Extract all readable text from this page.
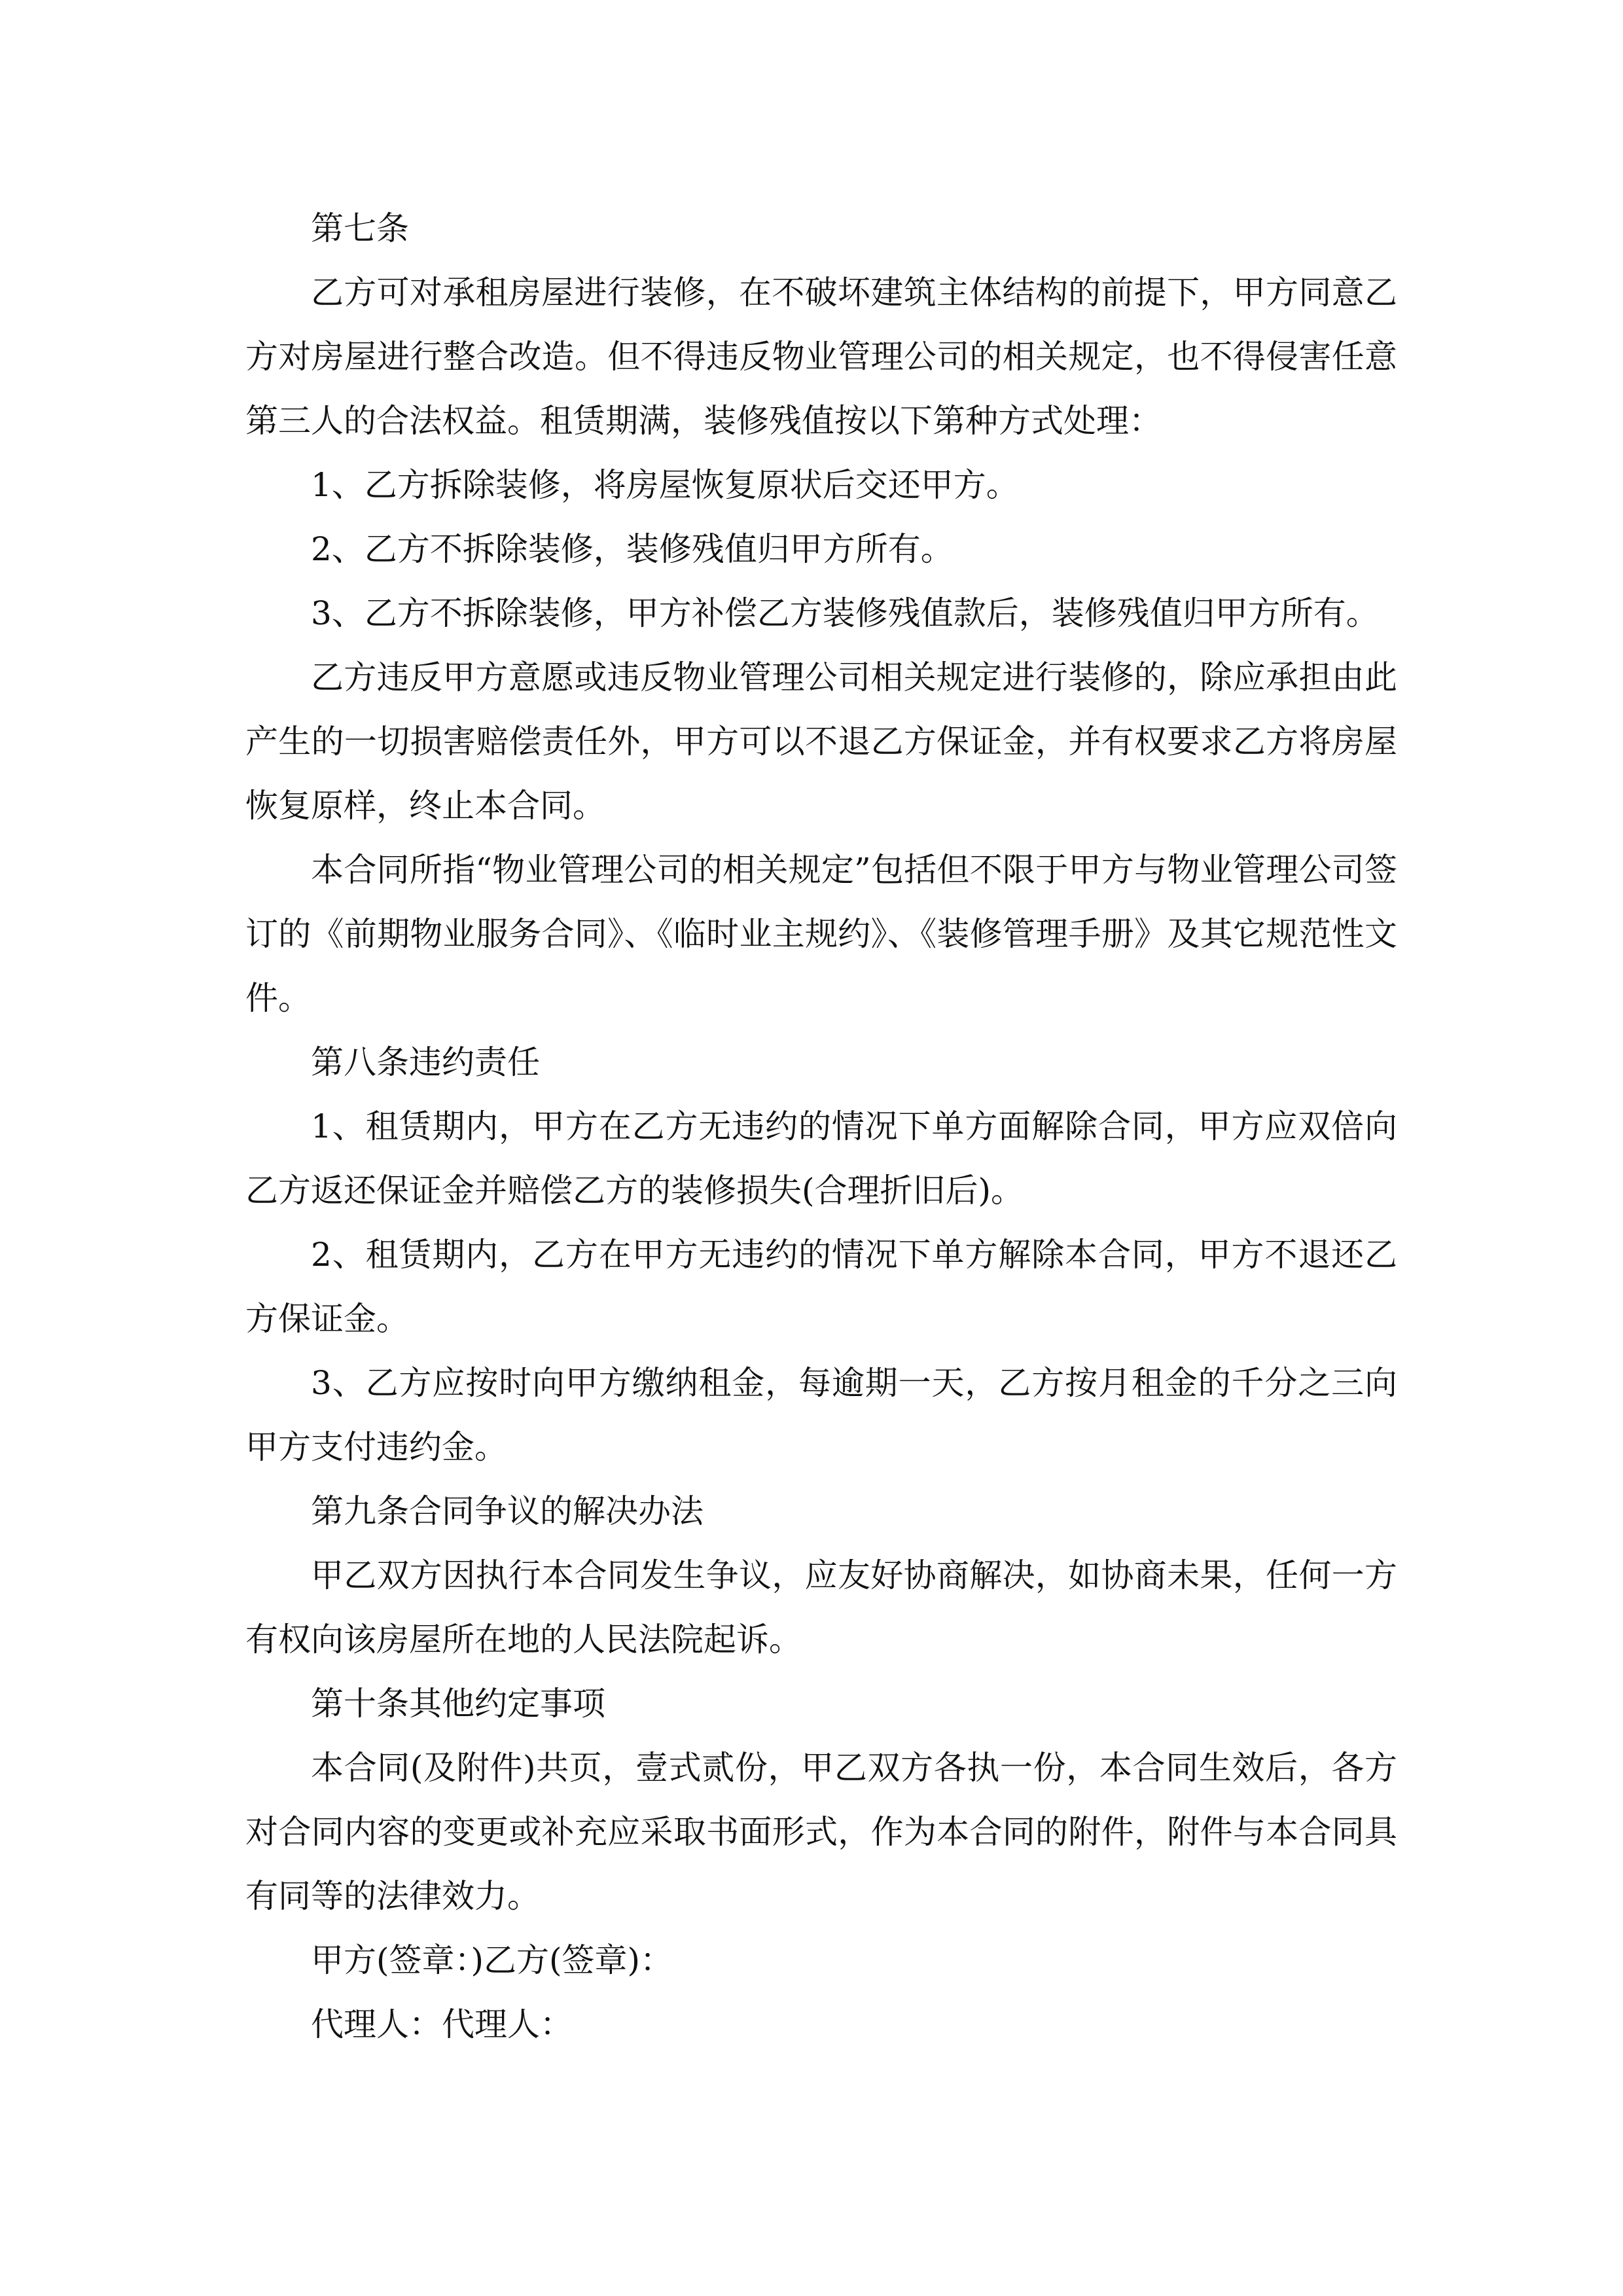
第七条

乙方可对承租房屋进行装修，在不破坏建筑主体结构的前提下，甲方同意乙方对房屋进行整合改造。但不得违反物业管理公司的相关规定，也不得侵害任意第三人的合法权益。租赁期满，装修残值按以下第种方式处理：

1、乙方拆除装修，将房屋恢复原状后交还甲方。

2、乙方不拆除装修，装修残值归甲方所有。

3、乙方不拆除装修，甲方补偿乙方装修残值款后，装修残值归甲方所有。

乙方违反甲方意愿或违反物业管理公司相关规定进行装修的，除应承担由此产生的一切损害赔偿责任外，甲方可以不退乙方保证金，并有权要求乙方将房屋恢复原样，终止本合同。

本合同所指“物业管理公司的相关规定”包括但不限于甲方与物业管理公司签订的《前期物业服务合同》、《临时业主规约》、《装修管理手册》及其它规范性文件。

第八条违约责任

1、租赁期内，甲方在乙方无违约的情况下单方面解除合同，甲方应双倍向乙方返还保证金并赔偿乙方的装修损失(合理折旧后)。

2、租赁期内，乙方在甲方无违约的情况下单方解除本合同，甲方不退还乙方保证金。

3、乙方应按时向甲方缴纳租金，每逾期一天，乙方按月租金的千分之三向甲方支付违约金。

第九条合同争议的解决办法

甲乙双方因执行本合同发生争议，应友好协商解决，如协商未果，任何一方有权向该房屋所在地的人民法院起诉。

第十条其他约定事项

本合同(及附件)共页，壹式贰份，甲乙双方各执一份，本合同生效后，各方对合同内容的变更或补充应采取书面形式，作为本合同的附件，附件与本合同具有同等的法律效力。

甲方(签章：)乙方(签章)：

代理人：代理人：
